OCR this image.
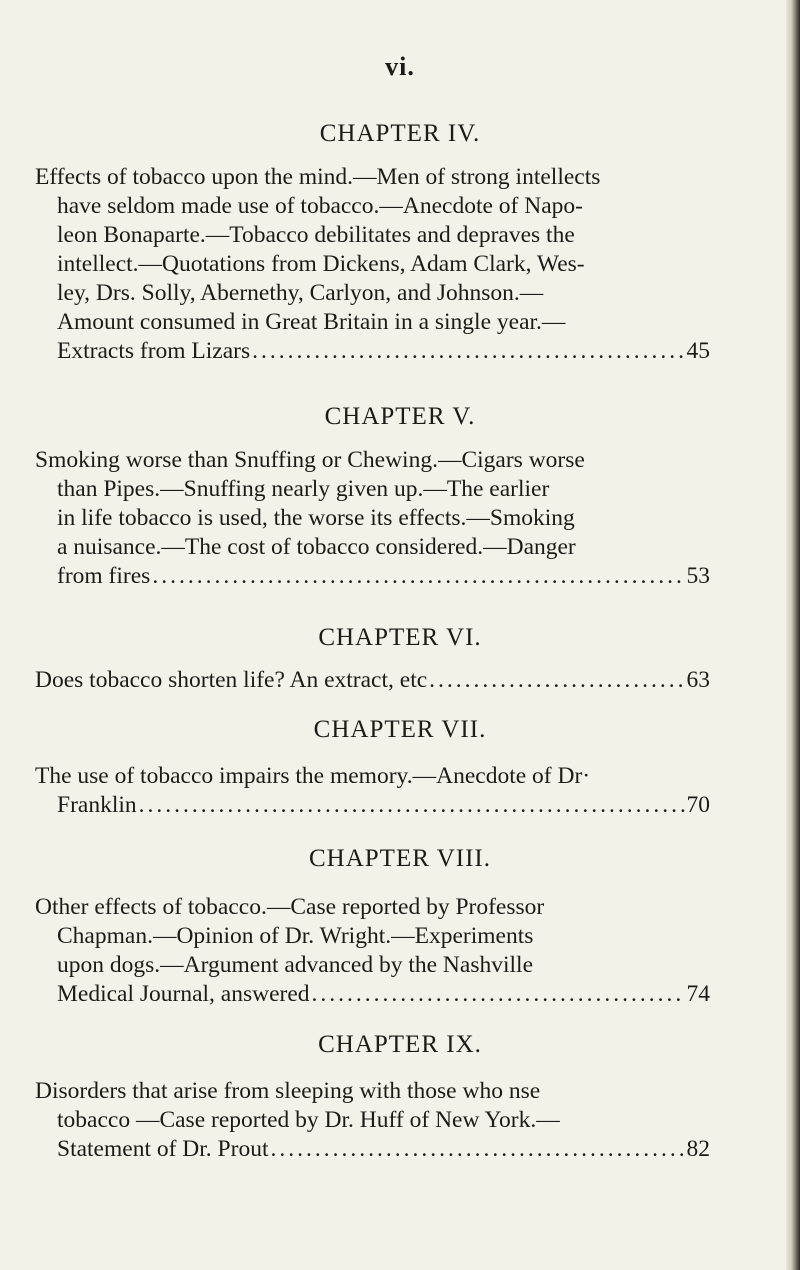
vi.
CHAPTER IV.
Effects of tobacco upon the mind.—Men of strong intellects
have seldom made use of tobacco.—Anecdote of Napo-
leon Bonaparte.—Tobacco debilitates and depraves the
intellect.—Quotations from Dickens, Adam Clark, Wes-
ley, Drs. Solly, Abernethy, Carlyon, and Johnson.—
Amount consumed in Great Britain in a single year.—
Extracts from Lizars .....	45
CHAPTER V.
Smoking worse than Snuffing or Chewing.—Cigars worse
than Pipes.—Snuffing nearly given up.—The earlier
in life tobacco is used, the worse its effects.—Smoking
a nuisance.—The cost of tobacco considered.—Danger
from fires .....	53
CHAPTER VI.
Does tobacco shorten life? An extract, etc .....	63
CHAPTER VII.
The use of tobacco impairs the memory.—Anecdote of Dr·
Franklin .....	70
CHAPTER VIII.
Other effects of tobacco.—Case reported by Professor
Chapman.—Opinion of Dr. Wright.—Experiments
upon dogs.—Argument advanced by the Nashville
Medical Journal, answered .....	74
CHAPTER IX.
Disorders that arise from sleeping with those who nse
tobacco —Case reported by Dr. Huff of New York.—
Statement of Dr. Prout .....	82
